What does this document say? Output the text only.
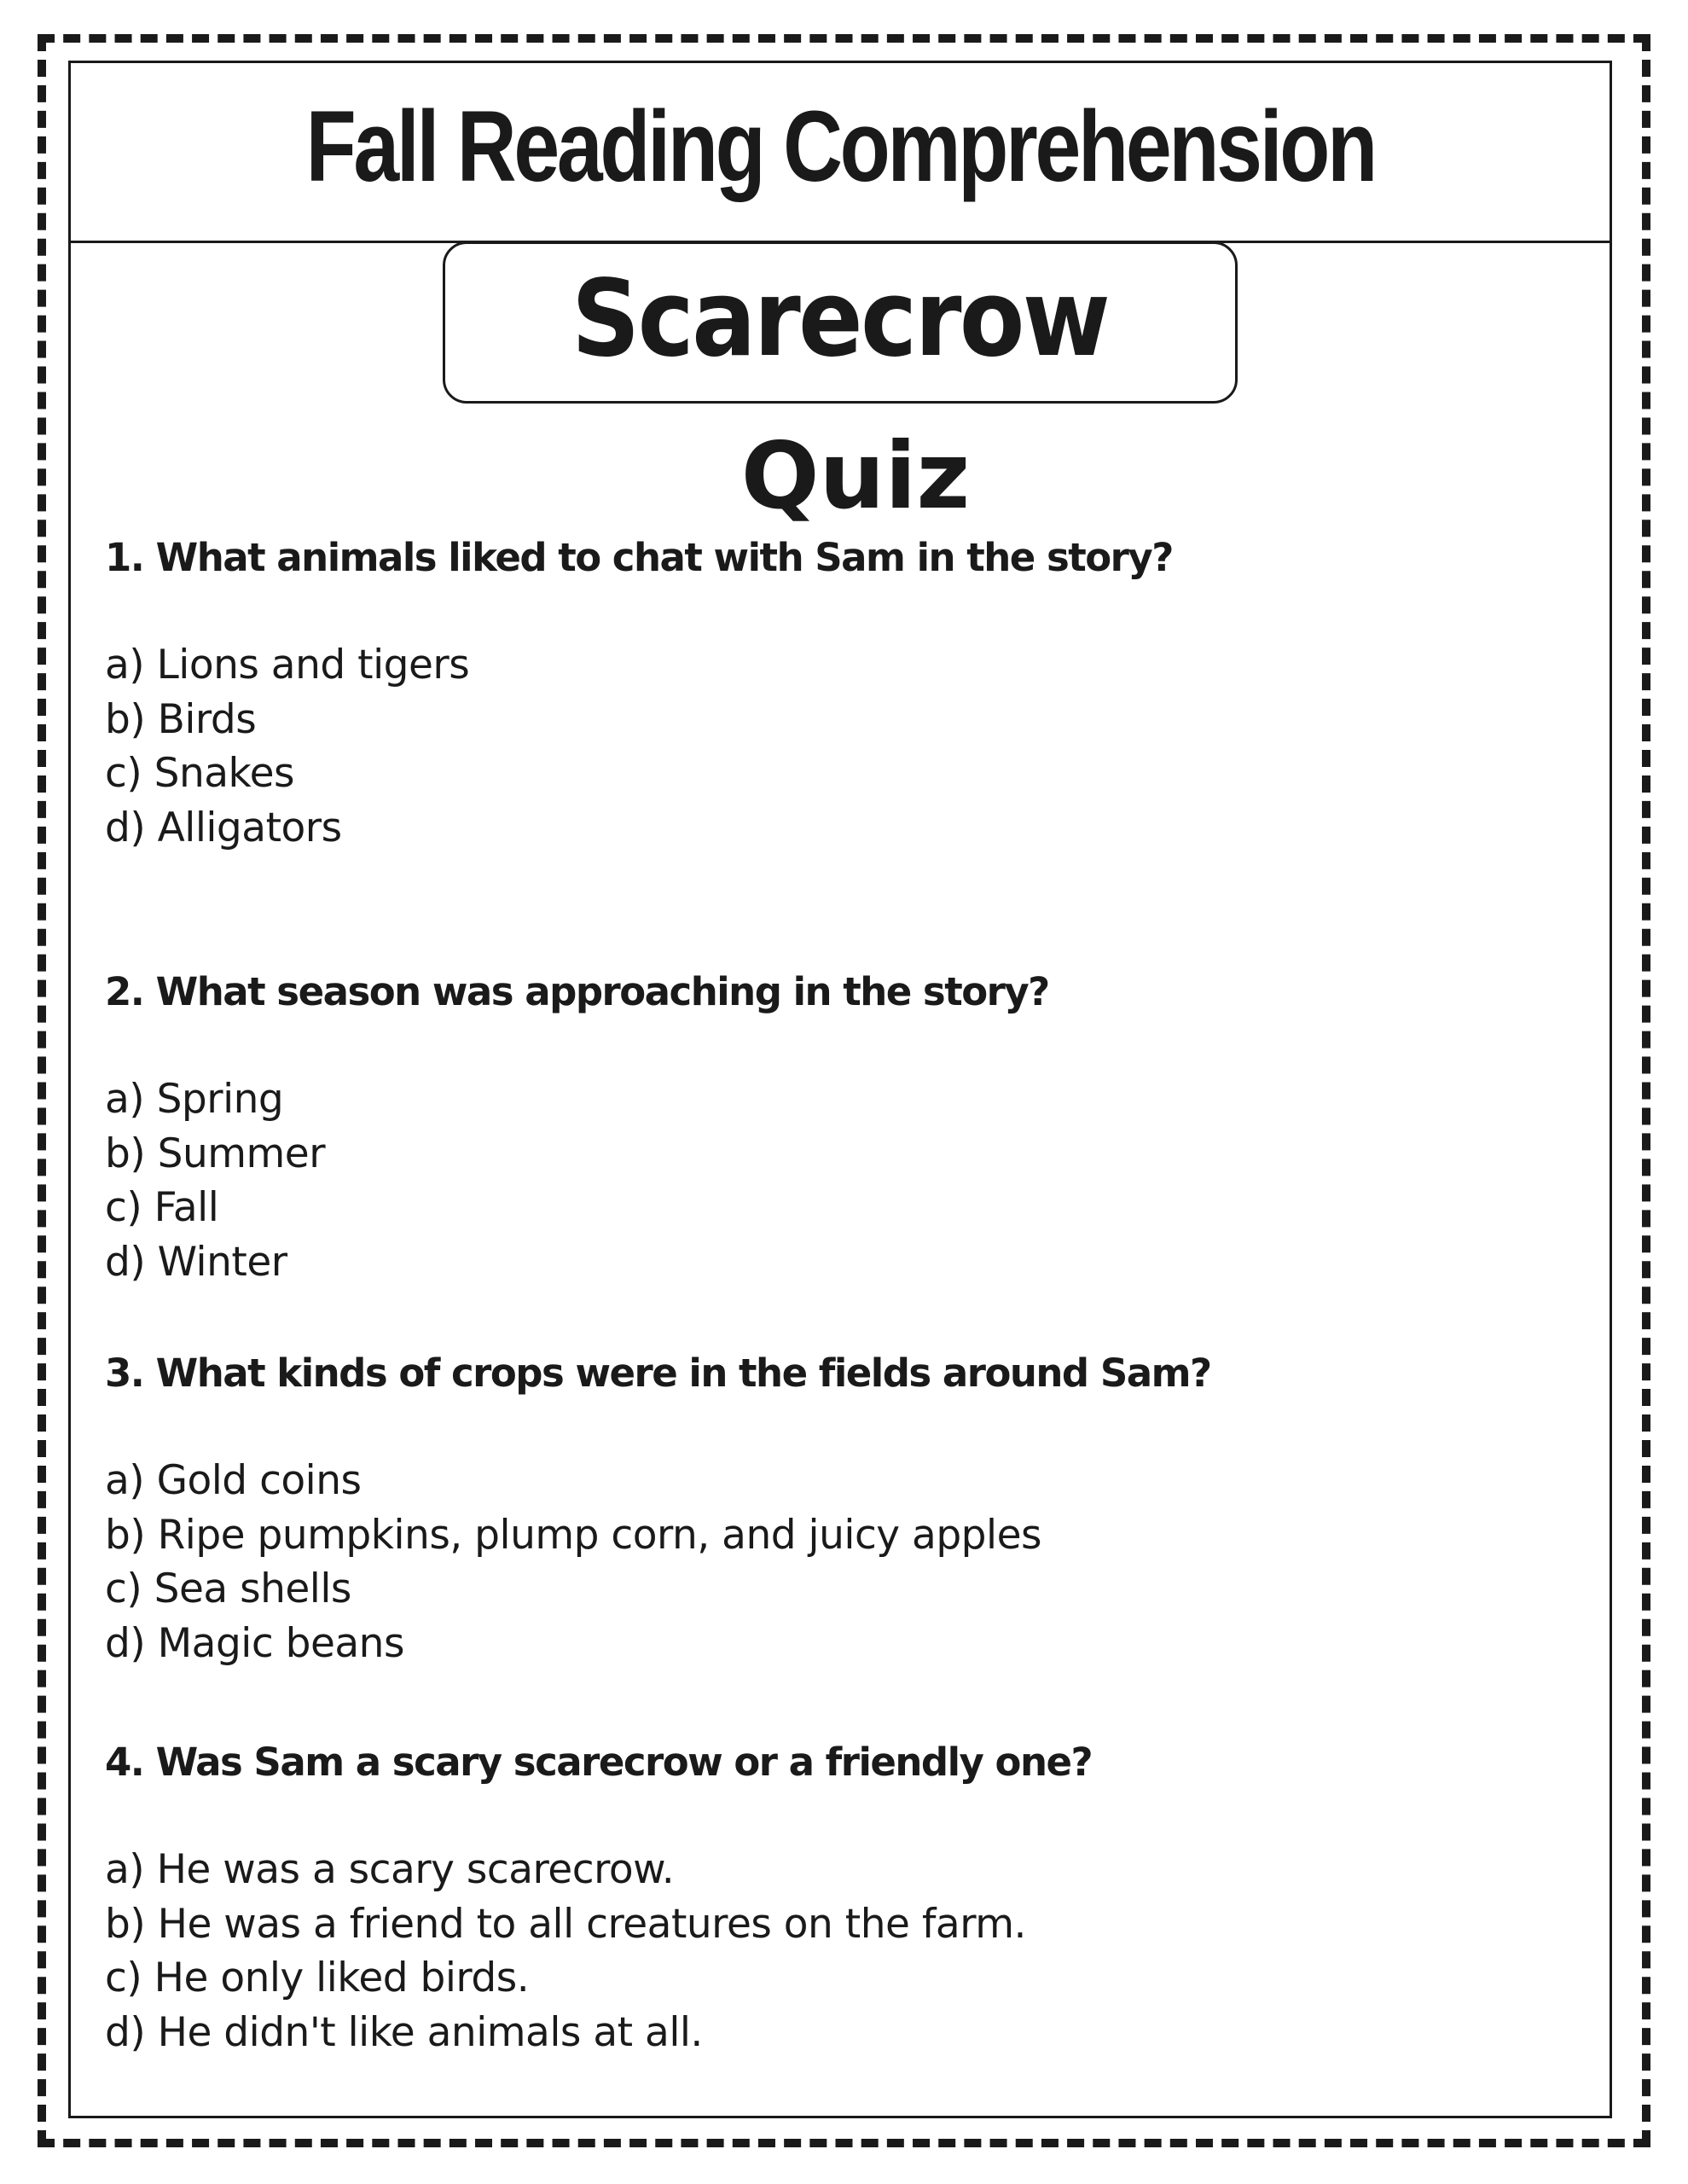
Fall Reading Comprehension
Scarecrow
Quiz

1. What animals liked to chat with Sam in the story?

a) Lions and tigers
b) Birds
c) Snakes
d) Alligators

2. What season was approaching in the story?

a) Spring
b) Summer
c) Fall
d) Winter

3. What kinds of crops were in the fields around Sam?

a) Gold coins
b) Ripe pumpkins, plump corn, and juicy apples
c) Sea shells
d) Magic beans

4. Was Sam a scary scarecrow or a friendly one?

a) He was a scary scarecrow.
b) He was a friend to all creatures on the farm.
c) He only liked birds.
d) He didn't like animals at all.
